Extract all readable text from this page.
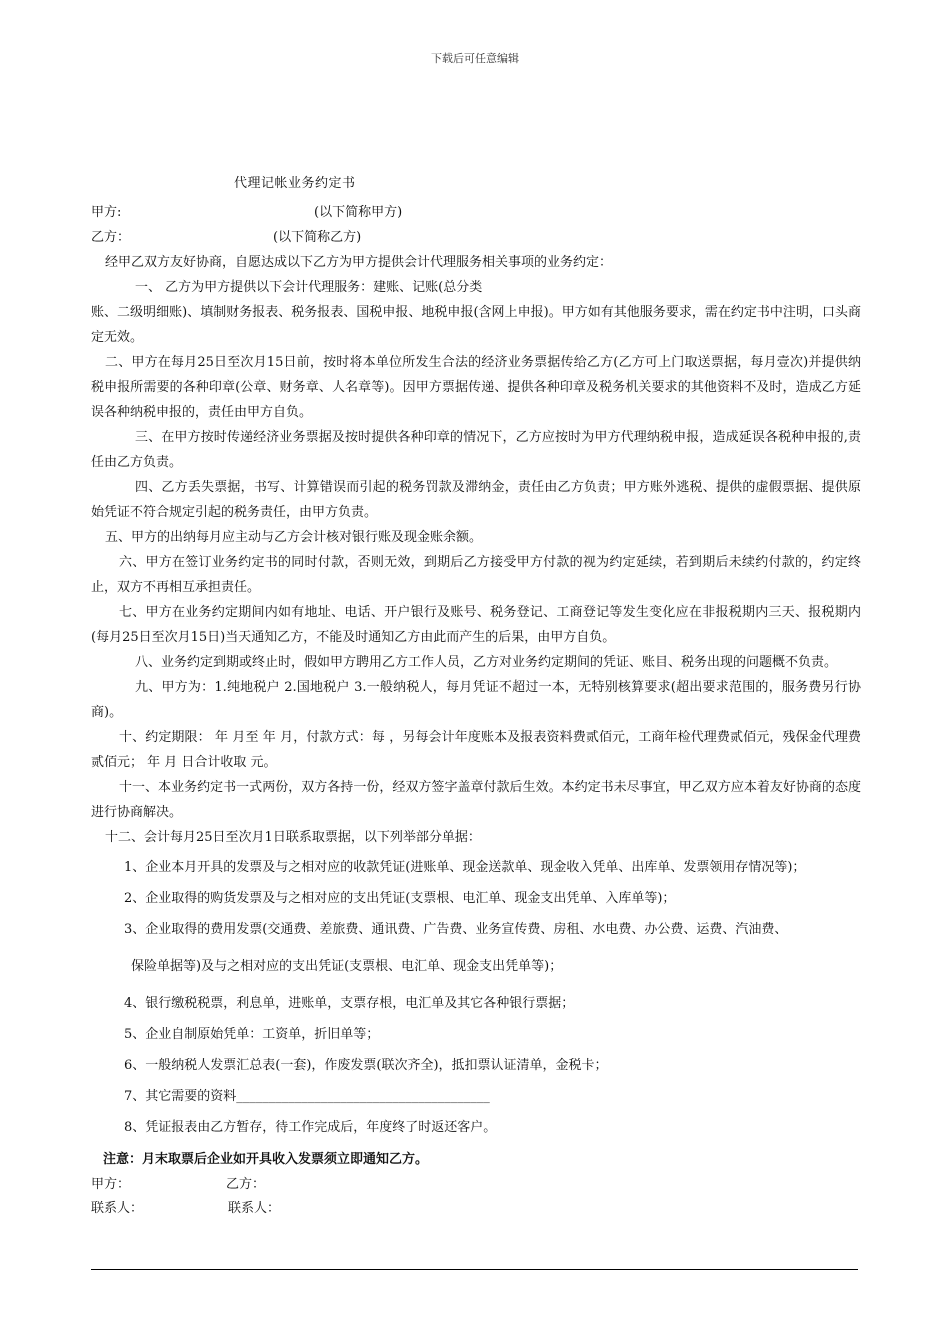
下载后可任意编辑
代理记帐业务约定书
甲方:	(以下简称甲方)
乙方：	(以下简称乙方)

经甲乙双方友好协商，自愿达成以下乙方为甲方提供会计代理服务相关事项的业务约定：

一、 乙方为甲方提供以下会计代理服务：建账、记账(总分类

账、二级明细账)、填制财务报表、税务报表、国税申报、地税申报(含网上申报)。甲方如有其他服务要求，需在约定书中注明，口头商定无效。

二、甲方在每月25日至次月15日前，按时将本单位所发生合法的经济业务票据传给乙方(乙方可上门取送票据，每月壹次)并提供纳税申报所需要的各种印章(公章、财务章、人名章等)。因甲方票据传递、提供各种印章及税务机关要求的其他资料不及时，造成乙方延误各种纳税申报的，责任由甲方自负。

三、在甲方按时传递经济业务票据及按时提供各种印章的情况下，乙方应按时为甲方代理纳税申报，造成延误各税种申报的,责任由乙方负责。

四、乙方丢失票据，书写、计算错误而引起的税务罚款及滞纳金，责任由乙方负责；甲方账外逃税、提供的虚假票据、提供原始凭证不符合规定引起的税务责任，由甲方负责。

五、甲方的出纳每月应主动与乙方会计核对银行账及现金账余额。

六、甲方在签订业务约定书的同时付款，否则无效，到期后乙方接受甲方付款的视为约定延续，若到期后未续约付款的，约定终止，双方不再相互承担责任。

七、甲方在业务约定期间内如有地址、电话、开户银行及账号、税务登记、工商登记等发生变化应在非报税期内三天、报税期内(每月25日至次月15日)当天通知乙方，不能及时通知乙方由此而产生的后果，由甲方自负。

八、业务约定到期或终止时，假如甲方聘用乙方工作人员，乙方对业务约定期间的凭证、账目、税务出现的问题概不负责。

九、甲方为：1.纯地税户 2.国地税户 3.一般纳税人，每月凭证不超过一本，无特别核算要求(超出要求范围的，服务费另行协商)。

十、约定期限： 年 月至 年 月，付款方式：每 ，另每会计年度账本及报表资料费贰佰元，工商年检代理费贰佰元，残保金代理费贰佰元； 年 月 日合计收取 元。

十一、本业务约定书一式两份，双方各持一份，经双方签字盖章付款后生效。本约定书未尽事宜，甲乙双方应本着友好协商的态度进行协商解决。

十二、会计每月25日至次月1日联系取票据，以下列举部分单据：

1、企业本月开具的发票及与之相对应的收款凭证(进账单、现金送款单、现金收入凭单、出库单、发票领用存情况等)；
2、企业取得的购货发票及与之相对应的支出凭证(支票根、电汇单、现金支出凭单、入库单等)；
3、企业取得的费用发票(交通费、差旅费、通讯费、广告费、业务宣传费、房租、水电费、办公费、运费、汽油费、
保险单据等)及与之相对应的支出凭证(支票根、电汇单、现金支出凭单等)；
4、银行缴税税票，利息单，进账单，支票存根，电汇单及其它各种银行票据；
5、企业自制原始凭单：工资单，折旧单等；
6、一般纳税人发票汇总表(一套)，作废发票(联次齐全)，抵扣票认证清单，金税卡；
7、其它需要的资料_______________________________________
8、凭证报表由乙方暂存，待工作完成后，年度终了时返还客户。
注意：月末取票后企业如开具收入发票须立即通知乙方。
甲方：	乙方：
联系人：	联系人：
